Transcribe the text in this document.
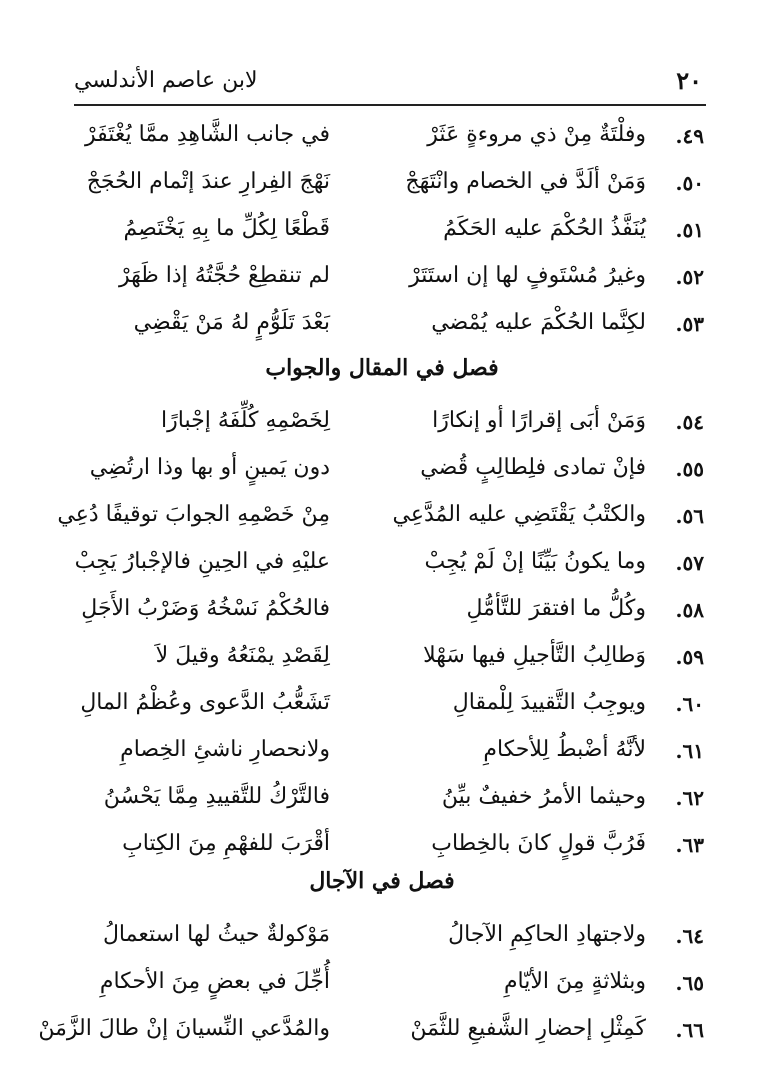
٢٠
لابن عاصم الأندلسي
٤٩.
وفلْتَةٌ مِنْ ذي مروءةٍ عَثَرْ
في جانب الشَّاهِدِ ممَّا يُغْتَفَرْ
٥٠.
وَمَنْ ألَدَّ في الخصام وانْتَهَجْ
نَهْجَ الفِرارِ عندَ إتْمام الحُجَجْ
٥١.
يُنَفَّذُ الحُكْمَ عليه الحَكَمُ
قَطْعًا لِكُلِّ ما بِهِ يَخْتَصِمُ
٥٢.
وغيرُ مُسْتَوفٍ لها إن استَتَرْ
لم تنقطِعْ حُجَّتُهُ إذا ظَهَرْ
٥٣.
لكِنَّما الحُكْمَ عليه يُمْضي
بَعْدَ تَلَوُّمٍ لهُ مَنْ يَقْضِي
فصل في المقال والجواب
٥٤.
وَمَنْ أبَى إقرارًا أو إنكارًا
لِخَصْمِهِ كُلِّفَهُ إجْبارًا
٥٥.
فإنْ تمادى فلِطالِبٍ قُضي
دون يَمينٍ أو بها وذا ارتُضِي
٥٦.
والكتْبُ يَقْتَضِي عليه المُدَّعِي
مِنْ خَصْمِهِ الجوابَ توقيفًا دُعِي
٥٧.
وما يكونُ بَيِّنًا إنْ لَمْ يُجِبْ
عليْهِ في الحِينِ فالإجْبارُ يَجِبْ
٥٨.
وكُلُّ ما افتقرَ للتَّأمُّلِ
فالحُكْمُ نَسْخُهُ وَضَرْبُ الأَجَلِ
٥٩.
وَطالِبُ التَّأجيلِ فيها سَهْلا
لِقَصْدِ يمْنَعُهُ وقيلَ لاَ
٦٠.
ويوجِبُ التَّقييدَ لِلْمقالِ
تَشَعُّبُ الدَّعوى وعُظْمُ المالِ
٦١.
لأنَّهُ أضْبطُ لِلأحكامِ
ولانحصارِ ناشئِ الخِصامِ
٦٢.
وحيثما الأمرُ خفيفٌ بيِّنُ
فالتَّرْكُ للتَّقييدِ مِمَّا يَحْسُنُ
٦٣.
فَرُبَّ قولٍ كانَ بالخِطابِ
أقْرَبَ للفهْمِ مِنَ الكِتابِ
فصل في الآجال
٦٤.
ولاجتهادِ الحاكِمِ الآجالُ
مَوْكولةٌ حيثُ لها استعمالُ
٦٥.
وبثلاثةٍ مِنَ الأيّامِ
أُجِّلَ في بعضٍ مِنَ الأحكامِ
٦٦.
كَمِثْلِ إحضارِ الشَّفيعِ للثَّمَنْ
والمُدَّعي النِّسيانَ إنْ طالَ الزَّمَنْ
